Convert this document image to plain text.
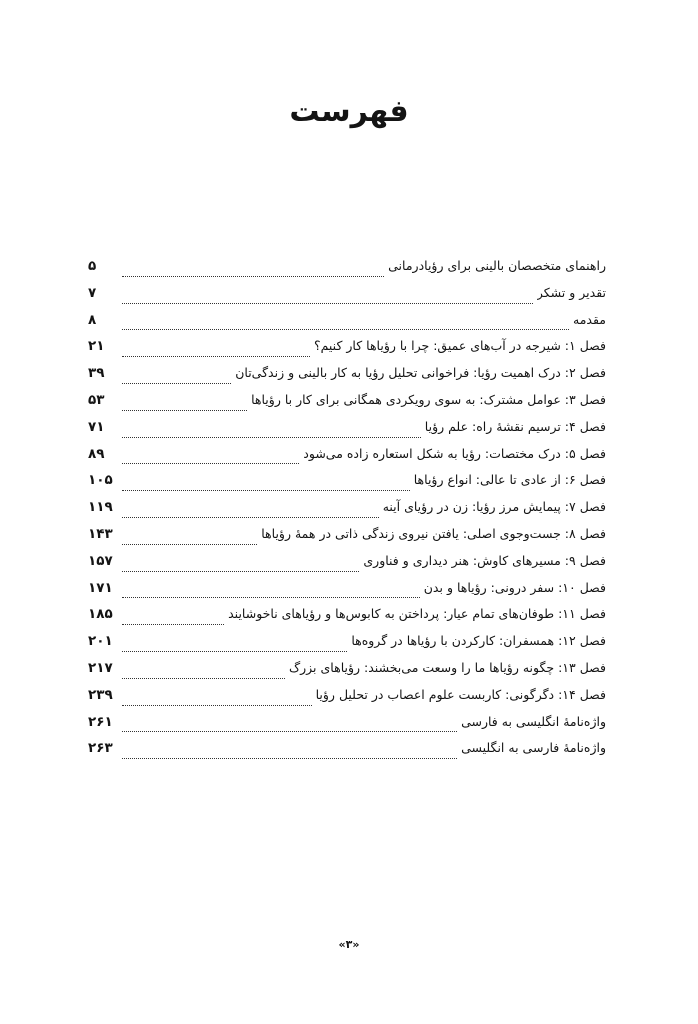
فهرست
راهنمای متخصصان بالینی برای رؤیادرمانی
۵
تقدیر و تشکر
۷
مقدمه
۸
فصل ۱: شیرجه در آب‌های عمیق: چرا با رؤیاها کار کنیم؟
۲۱
فصل ۲: درک اهمیت رؤیا: فراخوانی تحلیل رؤیا به کار بالینی و زندگی‌تان
۳۹
فصل ۳: عوامل مشترک: به سوی رویکردی همگانی برای کار با رؤیاها
۵۳
فصل ۴: ترسیم نقشهٔ راه: علم رؤیا
۷۱
فصل ۵: درک مختصات: رؤیا به شکل استعاره زاده می‌شود
۸۹
فصل ۶: از عادی تا عالی: انواع رؤیاها
۱۰۵
فصل ۷: پیمایش مرز رؤیا: زن در رؤیای آینه
۱۱۹
فصل ۸: جست‌وجوی اصلی: یافتن نیروی زندگی ذاتی در همهٔ رؤیاها
۱۴۳
فصل ۹: مسیرهای کاوش: هنر دیداری و فناوری
۱۵۷
فصل ۱۰: سفر درونی: رؤیاها و بدن
۱۷۱
فصل ۱۱: طوفان‌های تمام عیار: پرداختن به کابوس‌ها و رؤیاهای ناخوشایند
۱۸۵
فصل ۱۲: همسفران: کارکردن با رؤیاها در گروه‌ها
۲۰۱
فصل ۱۳: چگونه رؤیاها ما را وسعت می‌بخشند: رؤیاهای بزرگ
۲۱۷
فصل ۱۴: دگرگونی: کاربست علوم اعصاب در تحلیل رؤیا
۲۳۹
واژه‌نامهٔ انگلیسی به فارسی
۲۶۱
واژه‌نامهٔ فارسی به انگلیسی
۲۶۳

«۳»
